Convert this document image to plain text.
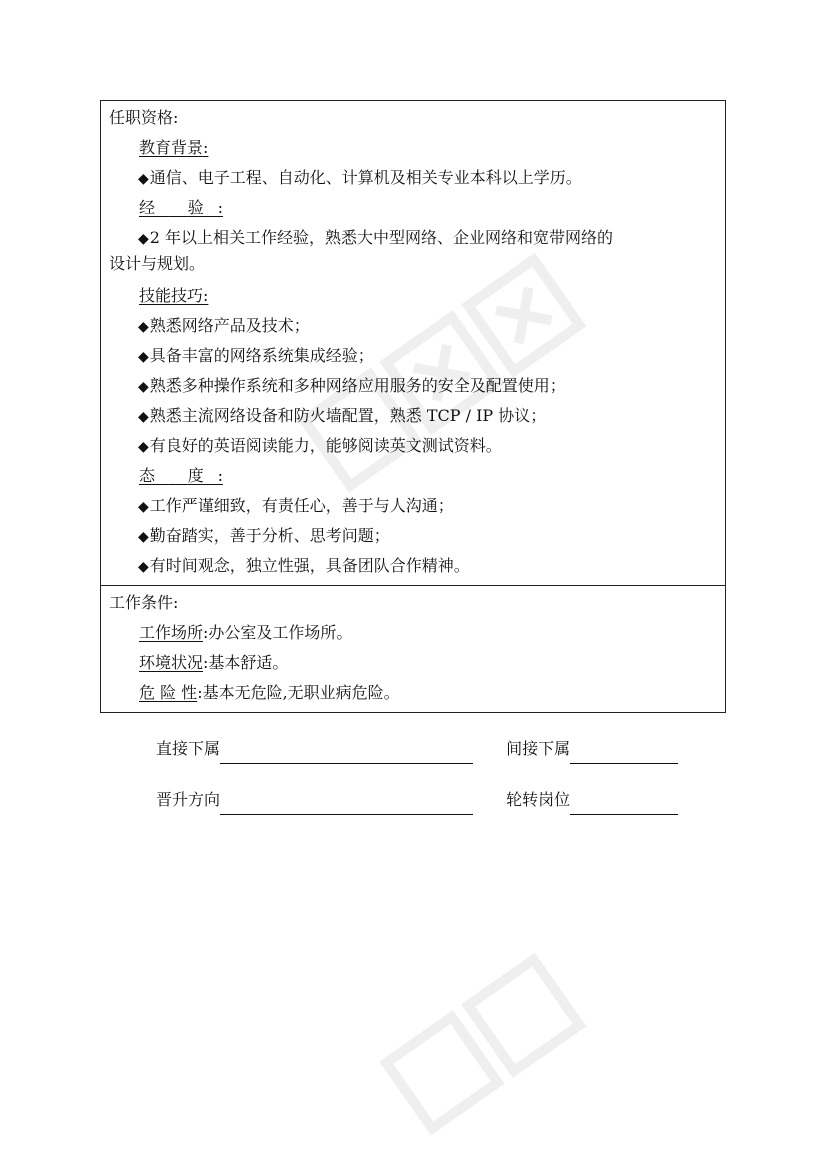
任职资格:
教育背景:
◆通信、电子工程、自动化、计算机及相关专业本科以上学历。
经 验:
◆2 年以上相关工作经验，熟悉大中型网络、企业网络和宽带网络的
设计与规划。
技能技巧:
◆熟悉网络产品及技术；
◆具备丰富的网络系统集成经验；
◆熟悉多种操作系统和多种网络应用服务的安全及配置使用；
◆熟悉主流网络设备和防火墙配置，熟悉 TCP / IP 协议；
◆有良好的英语阅读能力，能够阅读英文测试资料。
态 度:
◆工作严谨细致，有责任心，善于与人沟通；
◆勤奋踏实，善于分析、思考问题；
◆有时间观念，独立性强，具备团队合作精神。
工作条件:
工作场所:办公室及工作场所。
环境状况:基本舒适。
危 险 性:基本无危险,无职业病危险。
直接下属	间接下属
晋升方向	轮转岗位
